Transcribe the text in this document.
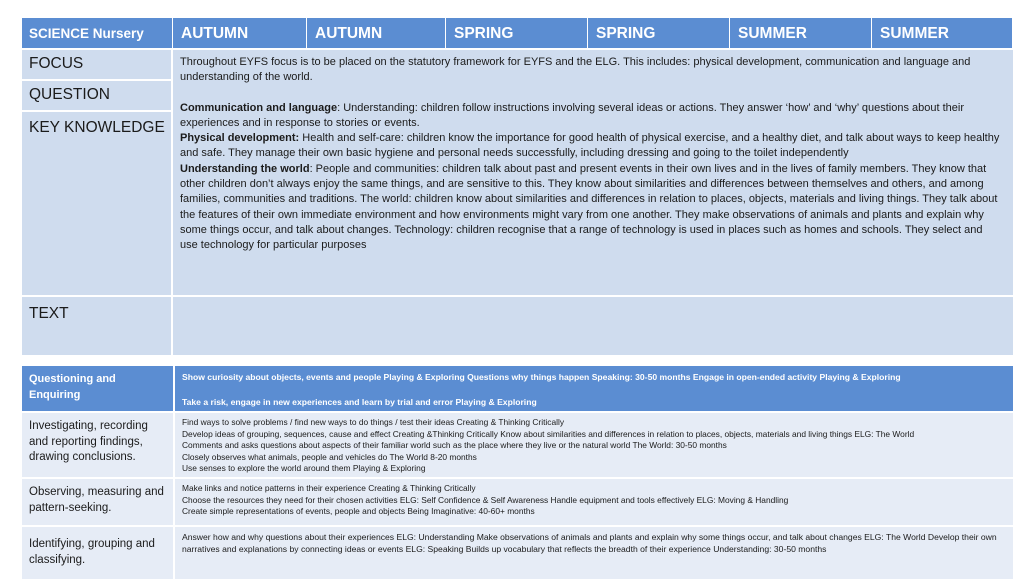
SCIENCE Nursery	AUTUMN	AUTUMN	SPRING	SPRING	SUMMER	SUMMER
FOCUS	Throughout EYFS focus is to be placed on the statutory framework for EYFS and the ELG. This includes: physical development, communication and language and understanding of the world.

Communication and language: Understanding: children follow instructions involving several ideas or actions. They answer ‘how’ and ‘why’ questions about their experiences and in response to stories or events.

Physical development: Health and self-care: children know the importance for good health of physical exercise, and a healthy diet, and talk about ways to keep healthy and safe. They manage their own basic hygiene and personal needs successfully, including dressing and going to the toilet independently

Understanding the world: People and communities: children talk about past and present events in their own lives and in the lives of family members. They know that other children don’t always enjoy the same things, and are sensitive to this. They know about similarities and differences between themselves and others, and among families, communities and traditions. The world: children know about similarities and differences in relation to places, objects, materials and living things. They talk about the features of their own immediate environment and how environments might vary from one another. They make observations of animals and plants and explain why some things occur, and talk about changes. Technology: children recognise that a range of technology is used in places such as homes and schools. They select and use technology for particular purposes					

QUESTION						
KEY KNOWLEDGE						
TEXT						
Questioning and Enquiring	Show curiosity about objects, events and people Playing & Exploring Questions why things happen Speaking: 30-50 months Engage in open-ended activity Playing & Exploring

Take a risk, engage in new experiences and learn by trial and error Playing & Exploring

Investigating, recording and reporting findings, drawing conclusions.	Find ways to solve problems / find new ways to do things / test their ideas Creating & Thinking Critically

Develop ideas of grouping, sequences, cause and effect Creating &Thinking Critically Know about similarities and differences in relation to places, objects, materials and living things ELG: The World

Comments and asks questions about aspects of their familiar world such as the place where they live or the natural world The World: 30-50 months

Closely observes what animals, people and vehicles do The World 8-20 months

Use senses to explore the world around them Playing & Exploring

Observing, measuring and pattern-seeking.	Make links and notice patterns in their experience Creating & Thinking Critically

Choose the resources they need for their chosen activities ELG: Self Confidence & Self Awareness Handle equipment and tools effectively ELG: Moving & Handling

Create simple representations of events, people and objects Being Imaginative: 40-60+ months

Identifying, grouping and classifying.	Answer how and why questions about their experiences ELG: Understanding Make observations of animals and plants and explain why some things occur, and talk about changes ELG: The World Develop their own narratives and explanations by connecting ideas or events ELG: Speaking Builds up vocabulary that reflects the breadth of their experience Understanding: 30-50 months
